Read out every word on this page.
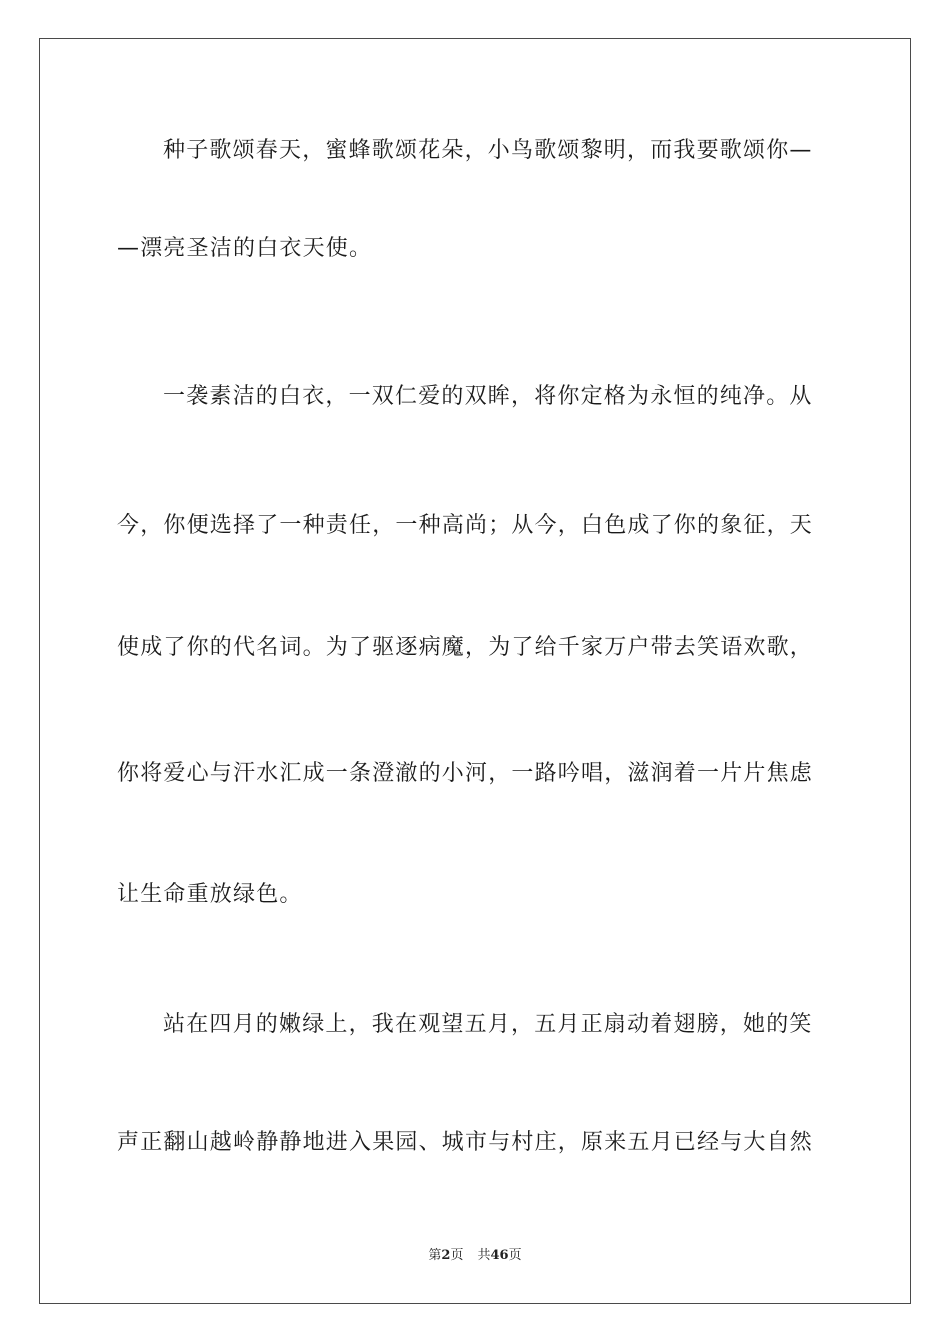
种子歌颂春天，蜜蜂歌颂花朵，小鸟歌颂黎明，而我要歌颂你—
—漂亮圣洁的白衣天使。
一袭素洁的白衣，一双仁爱的双眸，将你定格为永恒的纯净。从
今，你便选择了一种责任，一种高尚；从今，白色成了你的象征，天
使成了你的代名词。为了驱逐病魔，为了给千家万户带去笑语欢歌，
你将爱心与汗水汇成一条澄澈的小河，一路吟唱，滋润着一片片焦虑
让生命重放绿色。
站在四月的嫩绿上，我在观望五月，五月正扇动着翅膀，她的笑
声正翻山越岭静静地进入果园、城市与村庄，原来五月已经与大自然
第2页 共46页
